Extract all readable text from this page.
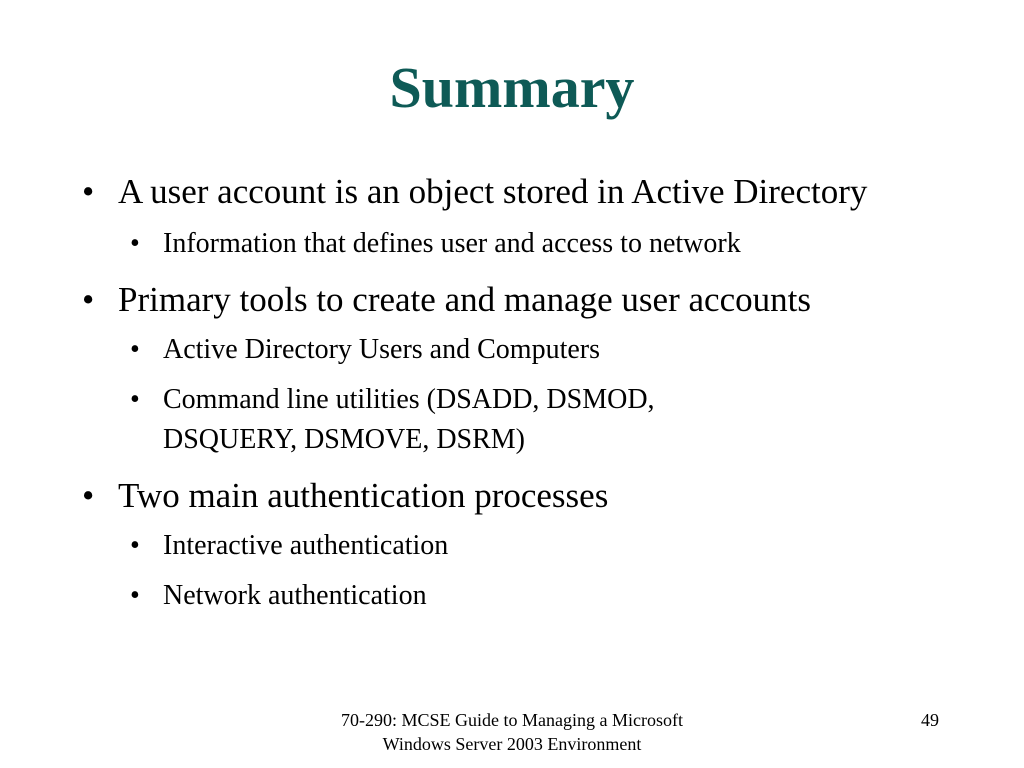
Summary
• A user account is an object stored in Active Directory
• Information that defines user and access to network
• Primary tools to create and manage user accounts
• Active Directory Users and Computers
• Command line utilities (DSADD, DSMOD, DSQUERY, DSMOVE, DSRM)
• Two main authentication processes
• Interactive authentication
• Network authentication
70-290: MCSE Guide to Managing a Microsoft
Windows Server 2003 Environment
49
